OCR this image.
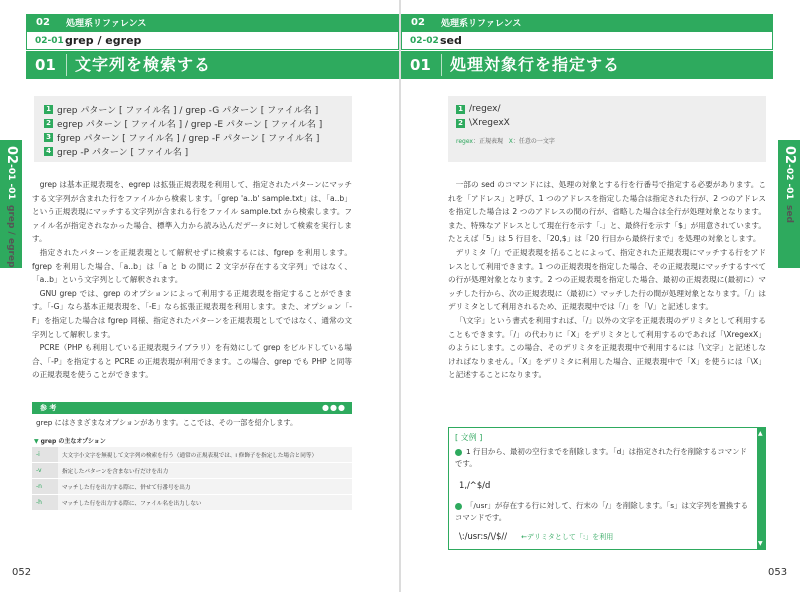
02	処理系リファレンス
02-01 grep / egrep
01	文字列を検索する
1 grep パターン [ ファイル名 ] / grep -G パターン [ ファイル名 ]
2 egrep パターン [ ファイル名 ] / grep -E パターン [ ファイル名 ]
3 fgrep パターン [ ファイル名 ] / grep -F パターン [ ファイル名 ]
4 grep -P パターン [ ファイル名 ]

grep は基本正規表現を、egrep は拡張正規表現を利用して、指定されたパターンにマッチする文字列が含まれた行をファイルから検索します。「grep 'a..b' sample.txt」は、「a..b」という正規表現にマッチする文字列が含まれる行をファイル sample.txt から検索します。ファイル名が指定されなかった場合、標準入力から読み込んだデータに対して検索を実行します。

指定されたパターンを正規表現として解釈せずに検索するには、fgrep を利用します。fgrep を利用した場合、「a..b」は「a と b の間に 2 文字が存在する文字列」ではなく、「a..b」という文字列として解釈されます。

GNU grep では、grep のオプションによって利用する正規表現を指定することができます。「-G」なら基本正規表現を、「-E」なら拡張正規表現を利用します。また、オプション「-F」を指定した場合は fgrep 同様、指定されたパターンを正規表現としてではなく、通常の文字列として解釈します。

PCRE（PHP も利用している正規表現ライブラリ）を有効にして grep をビルドしている場合、「-P」を指定すると PCRE の正規表現が利用できます。この場合、grep でも PHP と同等の正規表現を使うことができます。

参 考	●●●
grep にはさまざまなオプションがあります。ここでは、その一部を紹介します。
▼ grep の主なオプション
-i	大文字小文字を無視して文字列の検索を行う（通常の正規表現では、i 修飾子を指定した場合と同等）
-v	指定したパターンを含まない行だけを出力
-n	マッチした行を出力する際に、併せて行番号を出力
-h	マッチした行を出力する際に、ファイル名を出力しない
02-01 -01
grep / egrep
052
02	処理系リファレンス
02-02 sed
01	処理対象行を指定する
1 /regex/
2 \XregexX
regex：正規表現 X：任意の一文字

一部の sed のコマンドには、処理の対象とする行を行番号で指定する必要があります。これを「アドレス」と呼び、1 つのアドレスを指定した場合は指定された行が、2 つのアドレスを指定した場合は 2 つのアドレスの間の行が、省略した場合は全行が処理対象となります。また、特殊なアドレスとして現在行を示す「.」と、最終行を示す「$」が用意されています。たとえば「5」は 5 行目を、「20,$」は「20 行目から最終行まで」を処理の対象とします。

デリミタ「/」で正規表現を括ることによって、指定された正規表現にマッチする行をアドレスとして利用できます。1 つの正規表現を指定した場合、その正規表現にマッチするすべての行が処理対象となります。2 つの正規表現を指定した場合、最初の正規表現に(最初に）マッチした行から、次の正規表現に（最初に）マッチした行の間が処理対象となります。「/」はデリミタとして利用されるため、正規表現中では「/」を「\/」と記述します。

「\文字」という書式を利用すれば、「/」以外の文字を正規表現のデリミタとして利用することもできます。「/」の代わりに「X」をデリミタとして利用するのであれば「\XregexX」のようにします。この場合、そのデリミタを正規表現中で利用するには「\文字」と記述しなければなりません。「X」をデリミタに利用した場合、正規表現中で「X」を使うには「\X」と記述することになります。

[ 文例 ]
1 行目から、最初の空行までを削除します。「d」は指定された行を削除するコマンドです。
1,/^$/d
「/usr」が存在する行に対して、行末の「/」を削除します。「s」は文字列を置換するコマンドです。
\:/usr:s/\/$// ←デリミタとして「:」を利用
▲
▼
02-02 -01
sed
053
